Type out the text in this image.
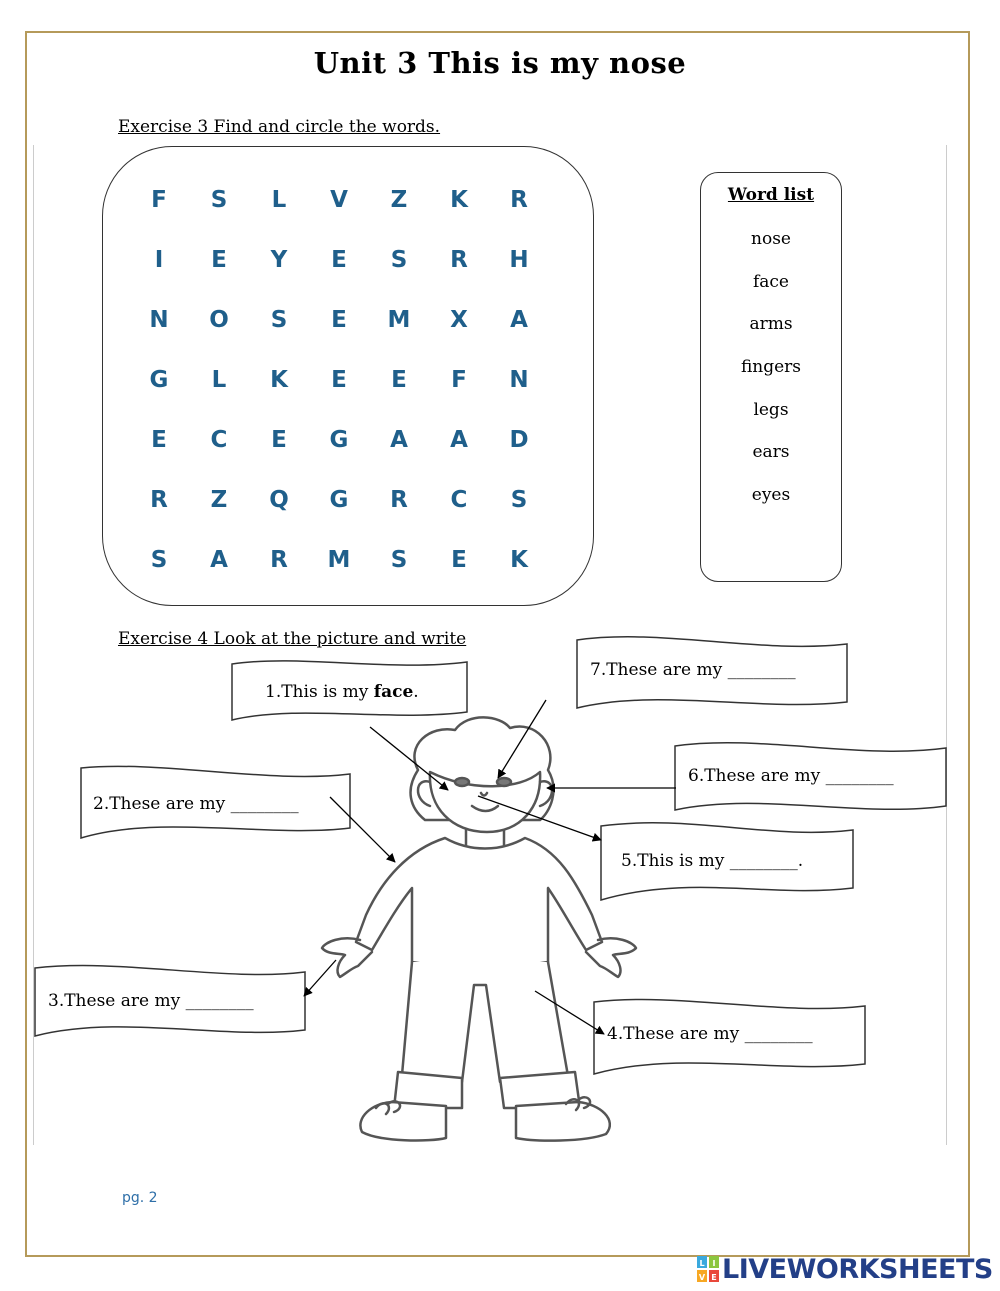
Unit 3 This is my nose
Exercise 3 Find and circle the words.
F	S	L	V	Z	K	R
I	E	Y	E	S	R	H
N	O	S	E	M	X	A
G	L	K	E	E	F	N
E	C	E	G	A	A	D
R	Z	Q	G	R	C	S
S	A	R	M	S	E	K
Word list
nose
face
arms
fingers
legs
ears
eyes
Exercise 4 Look at the picture and write
1.This is my face.
7.These are my ________
2.These are my ________
6.These are my ________
5.This is my ________.
3.These are my ________
4.These are my ________
pg. 2
L I
V E LIVEWORKSHEETS
